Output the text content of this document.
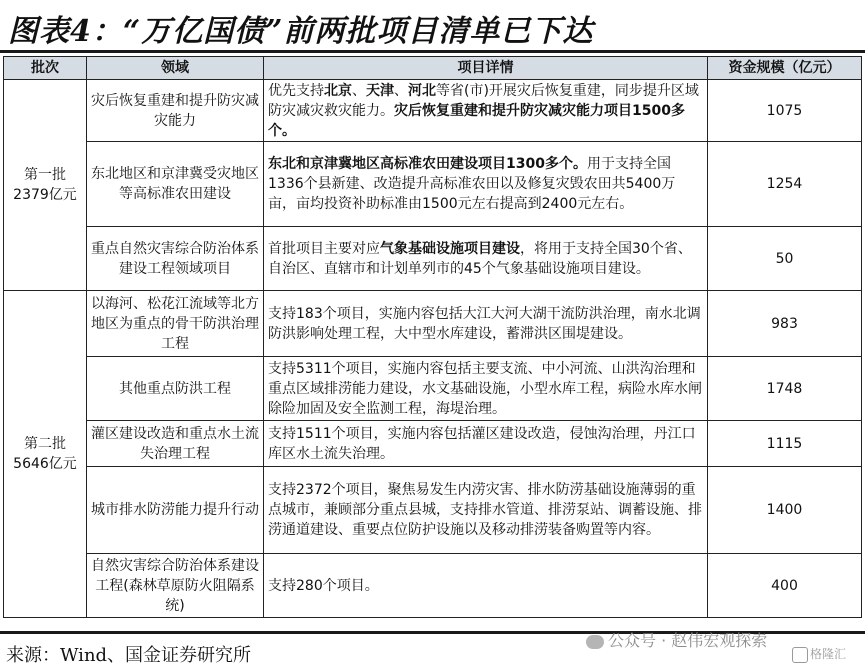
图表4：“万亿国债”前两批项目清单已下达
批次	领域	项目详情	资金规模（亿元）

第一批
2379亿元	灾后恢复重建和提升防灾减灾能力	优先支持北京、天津、河北等省(市)开展灾后恢复重建，同步提升区域防灾减灾救灾能力。灾后恢复重建和提升防灾减灾能力项目1500多个。	1075
	东北地区和京津冀受灾地区等高标准农田建设	东北和京津冀地区高标准农田建设项目1300多个。用于支持全国1336个县新建、改造提升高标准农田以及修复灾毁农田共5400万亩，亩均投资补助标准由1500元左右提高到2400元左右。	1254
	重点自然灾害综合防治体系建设工程领域项目	首批项目主要对应气象基础设施项目建设，将用于支持全国30个省、自治区、直辖市和计划单列市的45个气象基础设施项目建设。	50

第二批
5646亿元	以海河、松花江流域等北方地区为重点的骨干防洪治理工程	支持183个项目，实施内容包括大江大河大湖干流防洪治理，南水北调防洪影响处理工程，大中型水库建设，蓄滞洪区围堤建设。	983
	其他重点防洪工程	支持5311个项目，实施内容包括主要支流、中小河流、山洪沟治理和重点区域排涝能力建设，水文基础设施，小型水库工程，病险水库水闸除险加固及安全监测工程，海堤治理。	1748
	灌区建设改造和重点水土流失治理工程	支持1511个项目，实施内容包括灌区建设改造，侵蚀沟治理，丹江口库区水土流失治理。	1115
	城市排水防涝能力提升行动	支持2372个项目，聚焦易发生内涝灾害、排水防涝基础设施薄弱的重点城市，兼顾部分重点县城，支持排水管道、排涝泵站、调蓄设施、排涝通道建设、重要点位防护设施以及移动排涝装备购置等内容。	1400
	自然灾害综合防治体系建设工程(森林草原防火阻隔系统)	支持280个项目。	400
来源：Wind、国金证券研究所
公众号 · 赵伟宏观探索
格隆汇
